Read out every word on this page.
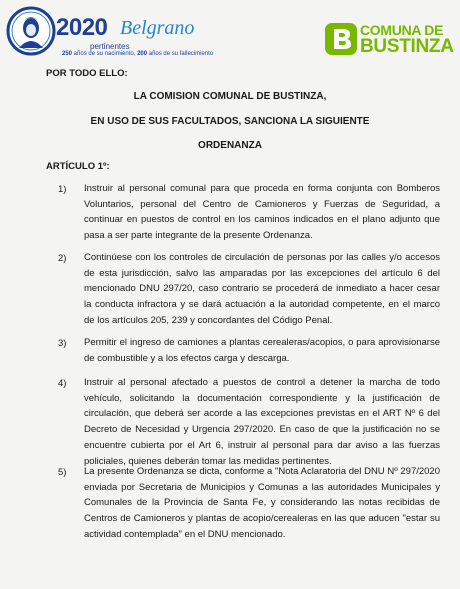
2020 Belgrano
pertinentes
250 años de su nacimiento, 200 años de su fallecimiento
COMUNA DE
BUSTINZA
POR TODO ELLO:
LA COMISION COMUNAL DE BUSTINZA,
EN USO DE SUS FACULTADOS, SANCIONA LA SIGUIENTE
ORDENANZA
ARTÍCULO 1º:
1) Instruir al personal comunal para que proceda en forma conjunta con Bomberos Voluntarios, personal del Centro de Camioneros y Fuerzas de Seguridad, a continuar en puestos de control en los caminos indicados en el plano adjunto que pasa a ser parte integrante de la presente Ordenanza.
2) Continúese con los controles de circulación de personas por las calles y/o accesos de esta jurisdicción, salvo las amparadas por las excepciones del artículo 6 del mencionado DNU 297/20, caso contrario se procederá de inmediato a hacer cesar la conducta infractora y se dará actuación a la autoridad competente, en el marco de los artículos 205, 239 y concordantes del Código Penal.
3) Permitir el ingreso de camiones a plantas cerealeras/acopios, o para aprovisionarse de combustible y a los efectos carga y descarga.
4) Instruir al personal afectado a puestos de control a detener la marcha de todo vehículo, solicitando la documentación correspondiente y la justificación de circulación, que deberá ser acorde a las excepciones previstas en el ART Nº 6 del Decreto de Necesidad y Urgencia 297/2020. En caso de que la justificación no se encuentre cubierta por el Art 6, instruir al personal para dar aviso a las fuerzas policiales, quienes deberán tomar las medidas pertinentes.
5) La presente Ordenanza se dicta, conforme a "Nota Aclaratoria del DNU Nº 297/2020 enviada por Secretaria de Municipios y Comunas a las autoridades Municipales y Comunales de la Provincia de Santa Fe, y considerando las notas recibidas de Centros de Camioneros y plantas de acopio/cerealeras en las que aducen "estar su actividad contemplada" en el DNU mencionado.
